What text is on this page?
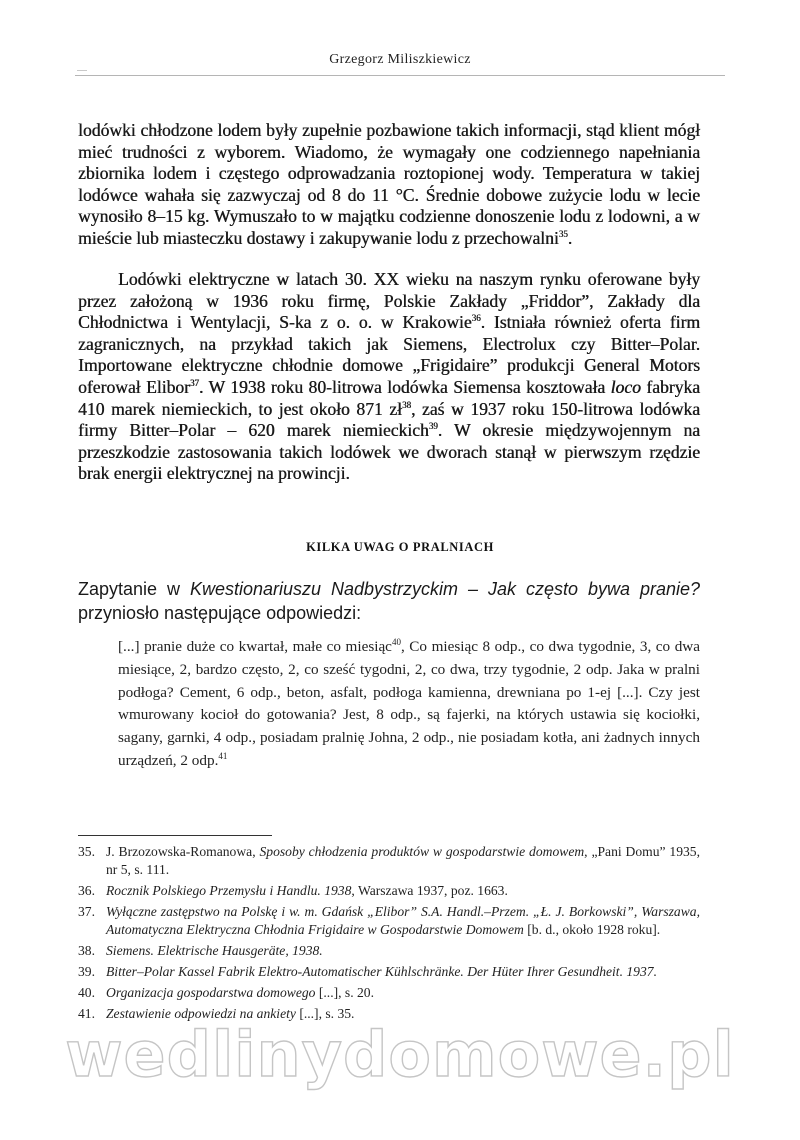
Grzegorz Miliszkiewicz

lodówki chłodzone lodem były zupełnie pozbawione takich informacji, stąd klient mógł mieć trudności z wyborem. Wiadomo, że wymagały one codziennego napełniania zbiornika lodem i częstego odprowadzania roztopionej wody. Temperatura w takiej lodówce wahała się zazwyczaj od 8 do 11 °C. Średnie dobowe zużycie lodu w lecie wynosiło 8–15 kg. Wymuszało to w majątku codzienne donoszenie lodu z lodowni, a w mieście lub miasteczku dostawy i zakupywanie lodu z przechowalni$^{35}$.

Lodówki elektryczne w latach 30. XX wieku na naszym rynku oferowane były przez założoną w 1936 roku firmę, Polskie Zakłady „Friddor”, Zakłady dla Chłodnictwa i Wentylacji, S-ka z o. o. w Krakowie$^{36}$. Istniała również oferta firm zagranicznych, na przykład takich jak Siemens, Electrolux czy Bitter–Polar. Importowane elektryczne chłodnie domowe „Frigidaire” produkcji General Motors oferował Elibor$^{37}$. W 1938 roku 80-litrowa lodówka Siemensa kosztowała loco fabryka 410 marek niemieckich, to jest około 871 $zł^{38}$, zaś w 1937 roku 150-litrowa lodówka firmy Bitter–Polar – 620 marek niemieckich$^{39}$. W okresie międzywojennym na przeszkodzie zastosowania takich lodówek we dworach stanął w pierwszym rzędzie brak energii elektrycznej na prowincji.

KILKA UWAG O PRALNIACH
Zapytanie w Kwestionariuszu Nadbystrzyckim – Jak często bywa pranie? przyniosło następujące odpowiedzi:
[...] pranie duże co kwartał, małe co miesiąc$^{40}$, Co miesiąc 8 odp., co dwa tygodnie, 3, co dwa miesiące, 2, bardzo często, 2, co sześć tygodni, 2, co dwa, trzy tygodnie, 2 odp. Jaka w pralni podłoga? Cement, 6 odp., beton, asfalt, podłoga kamienna, drewniana po 1-ej [...]. Czy jest wmurowany kocioł do gotowania? Jest, 8 odp., są fajerki, na których ustawia się kociołki, sagany, garnki, 4 odp., posiadam pralnię Johna, 2 odp., nie posiadam kotła, ani żadnych innych urządzeń, 2 odp.$^{41}$
35. J. Brzozowska-Romanowa, Sposoby chłodzenia produktów w gospodarstwie domowem, „Pani Domu” 1935, nr 5, s. 111.
36. Rocznik Polskiego Przemysłu i Handlu. 1938, Warszawa 1937, poz. 1663.
37. Wyłączne zastępstwo na Polskę i w. m. Gdańsk „Elibor” S.A. Handl.–Przem. „Ł. J. Borkowski”, Warszawa, Automatyczna Elektryczna Chłodnia Frigidaire w Gospodarstwie Domowem [b. d., około 1928 roku].
38. Siemens. Elektrische Hausgeräte, 1938.
39. Bitter–Polar Kassel Fabrik Elektro-Automatischer Kühlschränke. Der Hüter Ihrer Gesundheit. 1937.
40. Organizacja gospodarstwa domowego [...], s. 20.
41. Zestawienie odpowiedzi na ankiety [...], s. 35.
wedlinydomowe.pl
